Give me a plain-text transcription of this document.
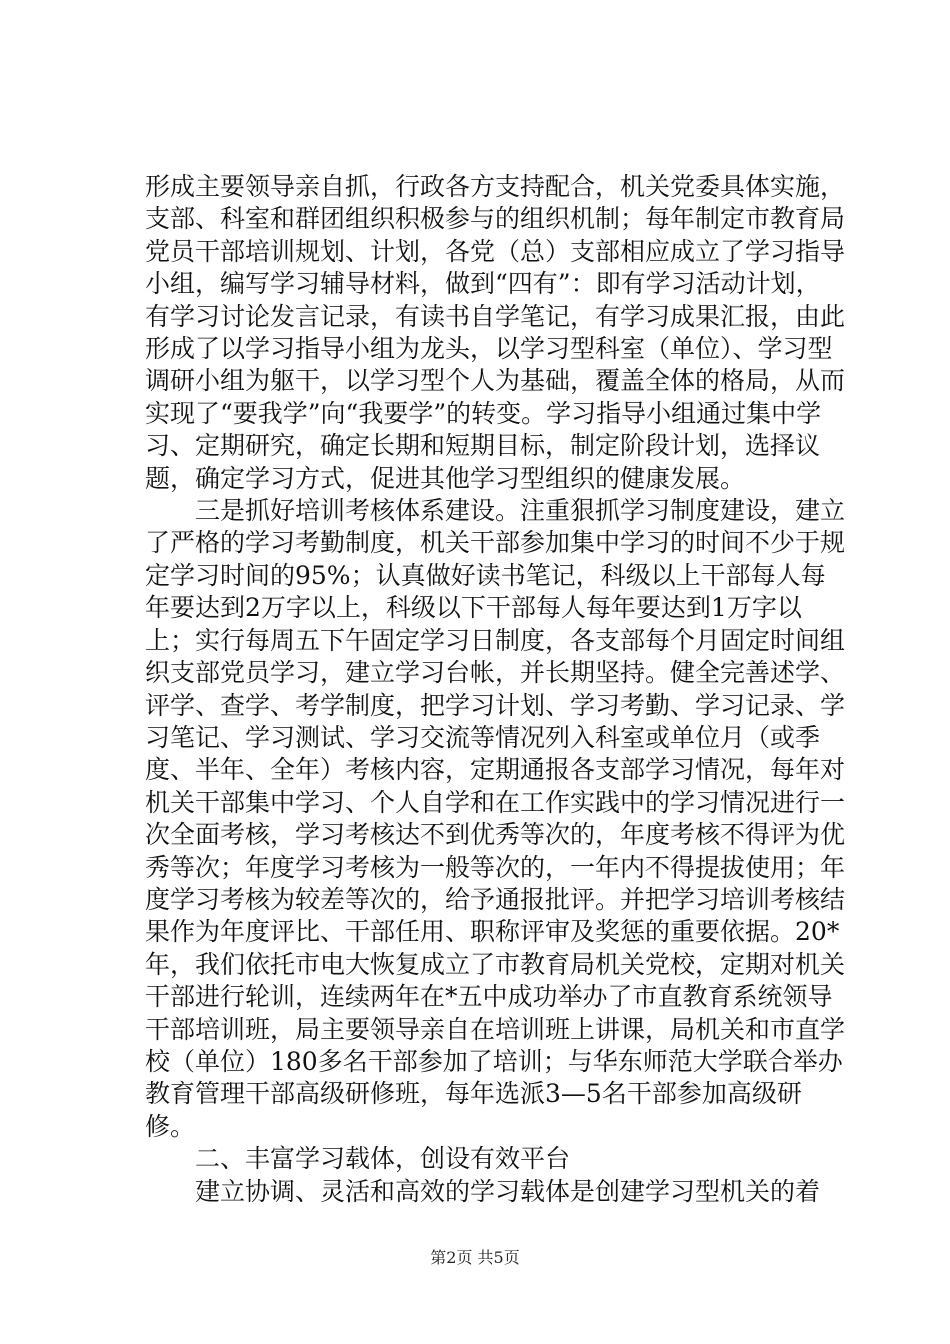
形成主要领导亲自抓，行政各方支持配合，机关党委具体实施，支部、科室和群团组织积极参与的组织机制；每年制定市教育局党员干部培训规划、计划，各党（总）支部相应成立了学习指导小组，编写学习辅导材料，做到“四有”：即有学习活动计划，有学习讨论发言记录，有读书自学笔记，有学习成果汇报，由此形成了以学习指导小组为龙头，以学习型科室（单位）、学习型调研小组为躯干，以学习型个人为基础，覆盖全体的格局，从而实现了“要我学”向“我要学”的转变。学习指导小组通过集中学习、定期研究，确定长期和短期目标，制定阶段计划，选择议题，确定学习方式，促进其他学习型组织的健康发展。

　　三是抓好培训考核体系建设。注重狠抓学习制度建设，建立了严格的学习考勤制度，机关干部参加集中学习的时间不少于规定学习时间的95%；认真做好读书笔记，科级以上干部每人每年要达到2万字以上，科级以下干部每人每年要达到1万字以上；实行每周五下午固定学习日制度，各支部每个月固定时间组织支部党员学习，建立学习台帐，并长期坚持。健全完善述学、评学、查学、考学制度，把学习计划、学习考勤、学习记录、学习笔记、学习测试、学习交流等情况列入科室或单位月（或季度、半年、全年）考核内容，定期通报各支部学习情况，每年对机关干部集中学习、个人自学和在工作实践中的学习情况进行一次全面考核，学习考核达不到优秀等次的，年度考核不得评为优秀等次；年度学习考核为一般等次的，一年内不得提拔使用；年度学习考核为较差等次的，给予通报批评。并把学习培训考核结果作为年度评比、干部任用、职称评审及奖惩的重要依据。20*年，我们依托市电大恢复成立了市教育局机关党校，定期对机关干部进行轮训，连续两年在*五中成功举办了市直教育系统领导干部培训班，局主要领导亲自在培训班上讲课，局机关和市直学校（单位）180多名干部参加了培训；与华东师范大学联合举办教育管理干部高级研修班，每年选派3—5名干部参加高级研修。

　　二、丰富学习载体，创设有效平台

　　建立协调、灵活和高效的学习载体是创建学习型机关的着

第2页 共5页
